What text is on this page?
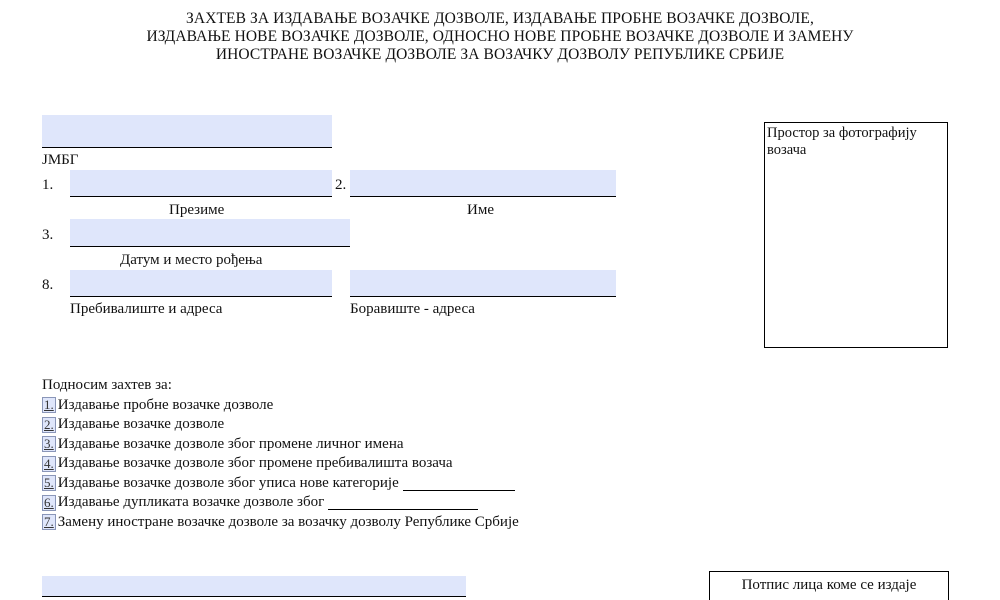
ЗАХТЕВ ЗА ИЗДАВАЊЕ ВОЗАЧКЕ ДОЗВОЛЕ, ИЗДАВАЊЕ ПРОБНЕ ВОЗАЧКЕ ДОЗВОЛЕ,
ИЗДАВАЊЕ НОВЕ ВОЗАЧКЕ ДОЗВОЛЕ, ОДНОСНО НОВЕ ПРОБНЕ ВОЗАЧКЕ ДОЗВОЛЕ И ЗАМЕНУ
ИНОСТРАНЕ ВОЗАЧКЕ ДОЗВОЛЕ ЗА ВОЗАЧКУ ДОЗВОЛУ РЕПУБЛИКЕ СРБИЈЕ
ЈМБГ
1.	2.
Презиме	Име
3.
Датум и место рођења
8.
Пребивалиште и адреса	Боравиште - адреса
Простор за фотографију возача
Подносим захтев за:
1. Издавање пробне возачке дозволе
2. Издавање возачке дозволе
3. Издавање возачке дозволе због промене личног имена
4. Издавање возачке дозволе због промене пребивалишта возача
5. Издавање возачке дозволе због уписа нове категорије
6. Издавање дупликата возачке дозволе због
7. Замену иностране возачке дозволе за возачку дозволу Републике Србије
Потпис лица коме се издаје
